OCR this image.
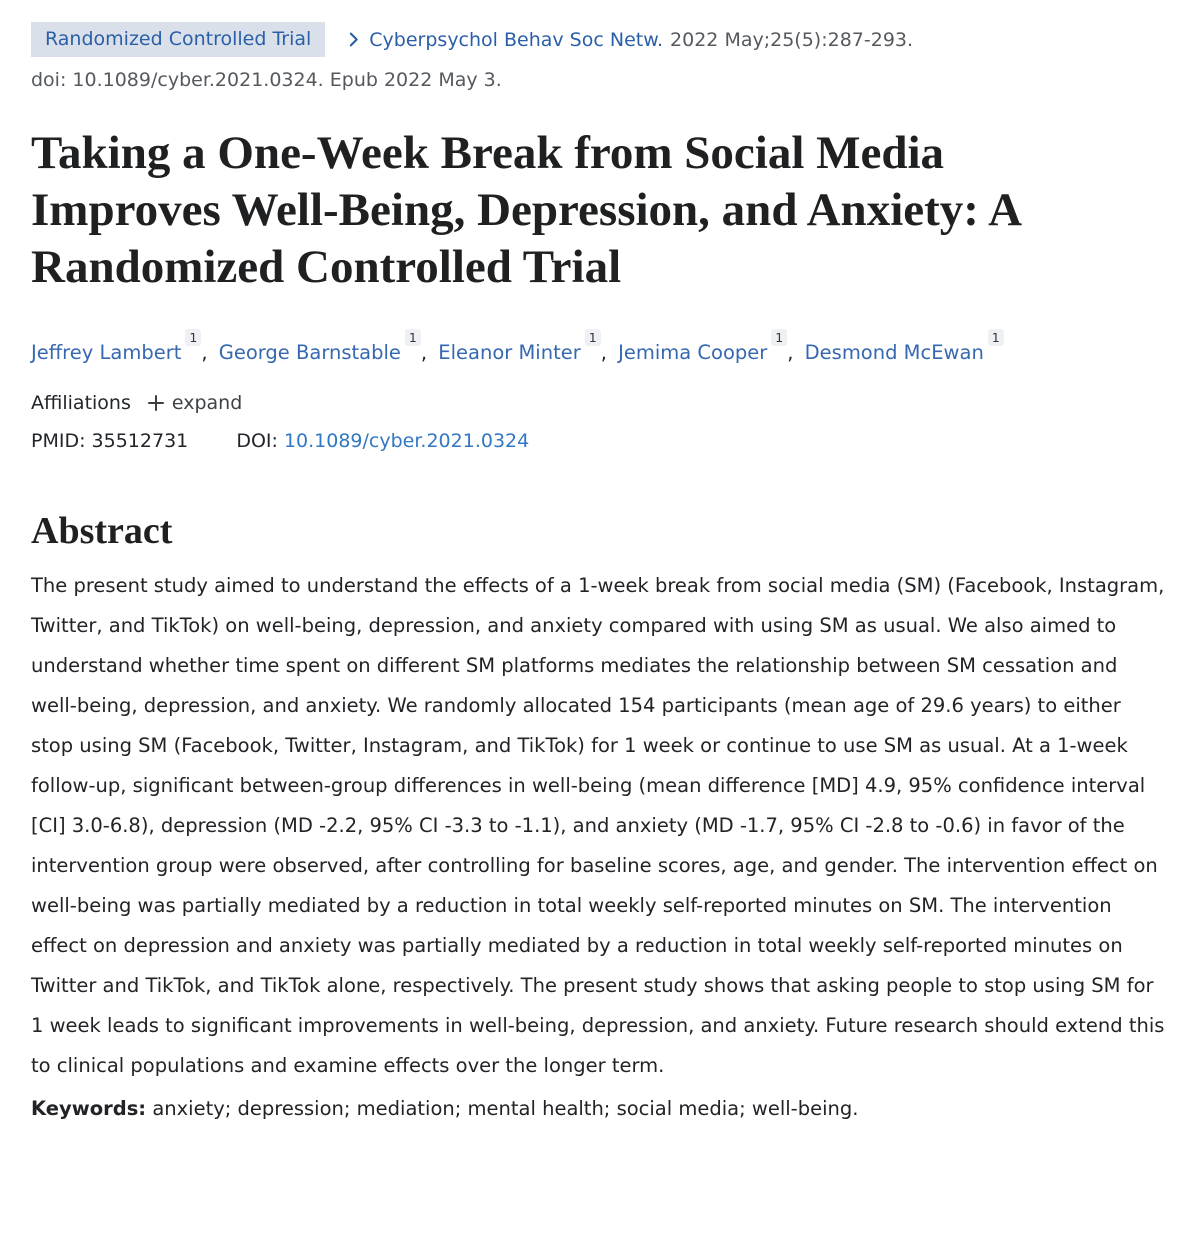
Randomized Controlled Trial	Cyberpsychol Behav Soc Netw. 2022 May;25(5):287-293.
doi: 10.1089/cyber.2021.0324. Epub 2022 May 3.
Taking a One-Week Break from Social Media
Improves Well-Being, Depression, and Anxiety: A
Randomized Controlled Trial
Jeffrey Lambert$^1$, George Barnstable$^1$, Eleanor Minter$^1$, Jemima Cooper$^1$, Desmond McEwan$^1$
Affiliations expand
PMID: 35512731	DOI: 10.1089/cyber.2021.0324
Abstract

The present study aimed to understand the effects of a 1-week break from social media (SM) (Facebook, Instagram, Twitter, and TikTok) on well-being, depression, and anxiety compared with using SM as usual. We also aimed to understand whether time spent on different SM platforms mediates the relationship between SM cessation and well-being, depression, and anxiety. We randomly allocated 154 participants (mean age of 29.6 years) to either stop using SM (Facebook, Twitter, Instagram, and TikTok) for 1 week or continue to use SM as usual. At a 1-week follow-up, significant between-group differences in well-being (mean difference [MD] 4.9, 95% confidence interval [CI] 3.0-6.8), depression (MD -2.2, 95% CI -3.3 to -1.1), and anxiety (MD -1.7, 95% CI -2.8 to -0.6) in favor of the intervention group were observed, after controlling for baseline scores, age, and gender. The intervention effect on well-being was partially mediated by a reduction in total weekly self-reported minutes on SM. The intervention effect on depression and anxiety was partially mediated by a reduction in total weekly self-reported minutes on Twitter and TikTok, and TikTok alone, respectively. The present study shows that asking people to stop using SM for 1 week leads to significant improvements in well-being, depression, and anxiety. Future research should extend this to clinical populations and examine effects over the longer term.

Keywords: anxiety; depression; mediation; mental health; social media; well-being.
